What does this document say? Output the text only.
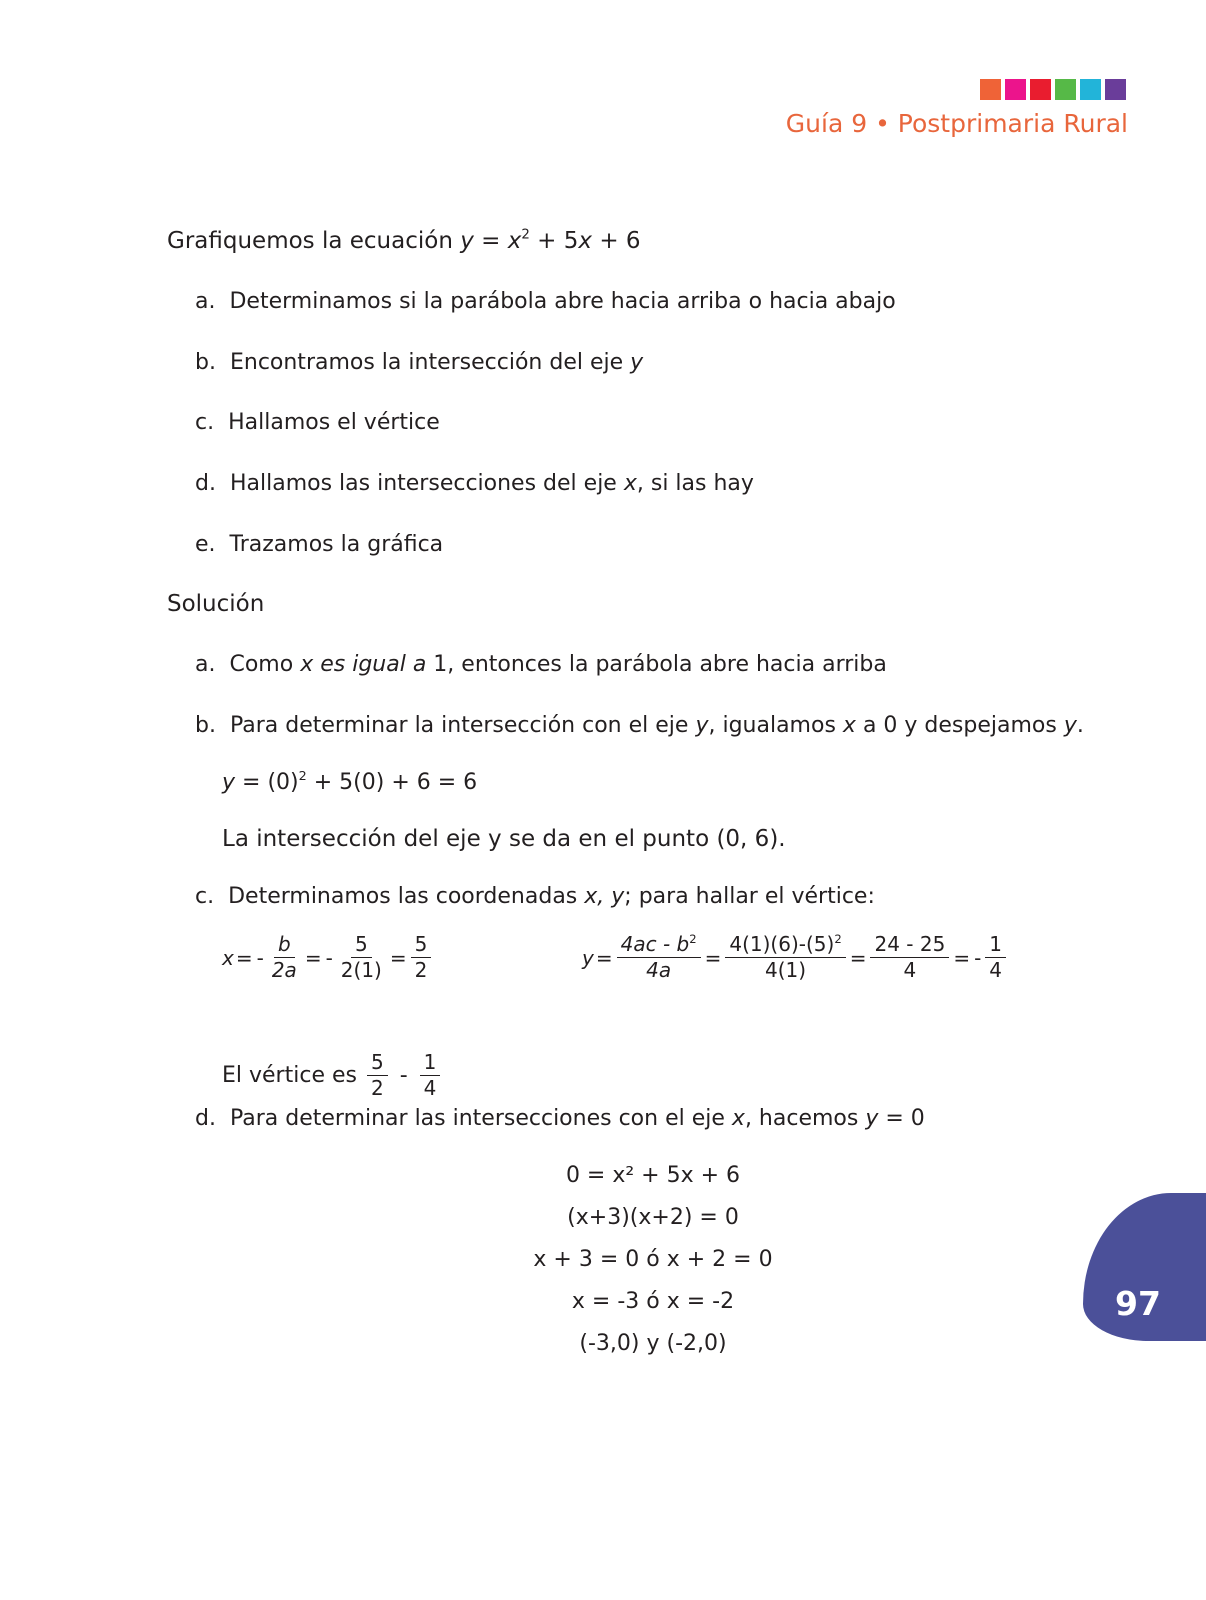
Guía 9 • Postprimaria Rural
Grafiquemos la ecuación $y = x^2 + 5x + 6$
a. Determinamos si la parábola abre hacia arriba o hacia abajo
b. Encontramos la intersección del eje y
c. Hallamos el vértice
d. Hallamos las intersecciones del eje x, si las hay
e. Trazamos la gráfica
Solución
a. Como x es igual a 1, entonces la parábola abre hacia arriba
b. Para determinar la intersección con el eje y, igualamos x a 0 y despejamos y.
$y = (0)^2 + 5(0) + 6 = 6$
La intersección del eje y se da en el punto (0, 6).
c. Determinamos las coordenadas x, y; para hallar el vértice:
x = - $\frac{b}{2a}$ = - $\frac{5}{2(1)} = \frac{5}{2}$	$y = \frac{4ac - b^2}{4a} = \frac{4(1)(6)-(5)^2}{4(1)} = \frac{24 - 25}{4}$ = - $\frac{1}{4}$
El vértice es $\frac{5}{2} - \frac{1}{4}$
d. Para determinar las intersecciones con el eje x, hacemos y = 0
0 = x² + 5x + 6
(x+3)(x+2) = 0
x + 3 = 0 ó x + 2 = 0
x = -3 ó x = -2
(-3,0) y (-2,0)
97
